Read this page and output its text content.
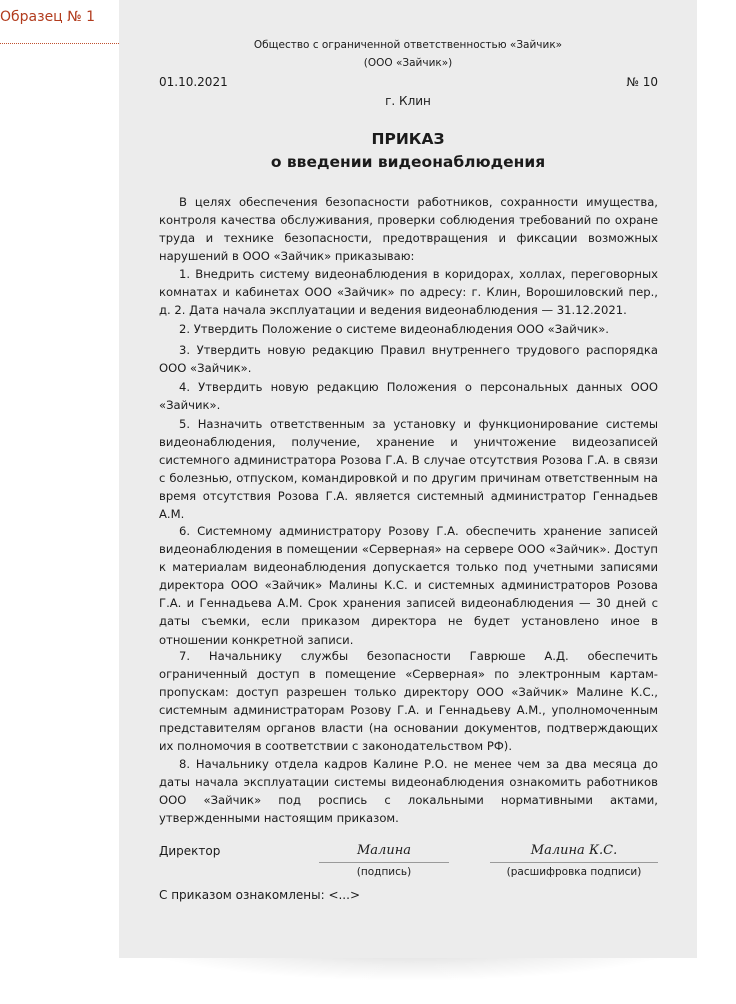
Образец № 1
Общество с ограниченной ответственностью «Зайчик»
(ООО «Зайчик»)
01.10.2021	№ 10
г. Клин
ПРИКАЗ
о введении видеонаблюдения

В целях обеспечения безопасности работников, сохранности имущества, контроля качества обслуживания, проверки соблюдения требований по охране труда и технике безопасности, предотвращения и фиксации возможных нарушений в ООО «Зайчик» приказываю:

1. Внедрить систему видеонаблюдения в коридорах, холлах, переговорных комнатах и кабинетах ООО «Зайчик» по адресу: г. Клин, Ворошиловский пер., д. 2. Дата начала эксплуатации и ведения видеонаблюдения — 31.12.2021.

2. Утвердить Положение о системе видеонаблюдения ООО «Зайчик».

3. Утвердить новую редакцию Правил внутреннего трудового распорядка ООО «Зайчик».

4. Утвердить новую редакцию Положения о персональных данных ООО «Зайчик».

5. Назначить ответственным за установку и функционирование системы видеонаблюдения, получение, хранение и уничтожение видеозаписей системного администратора Розова Г.А. В случае отсутствия Розова Г.А. в связи с болезнью, отпуском, командировкой и по другим причинам ответственным на время отсутствия Розова Г.А. является системный администратор Геннадьев А.М.

6. Системному администратору Розову Г.А. обеспечить хранение записей видеонаблюдения в помещении «Серверная» на сервере ООО «Зайчик». Доступ к материалам видеонаблюдения допускается только под учетными записями директора ООО «Зайчик» Малины К.С. и системных администраторов Розова Г.А. и Геннадьева А.М. Срок хранения записей видеонаблюдения — 30 дней с даты съемки, если приказом директора не будет установлено иное в отношении конкретной записи.

7. Начальнику службы безопасности Гаврюше А.Д. обеспечить ограниченный доступ в помещение «Серверная» по электронным картам-пропускам: доступ разрешен только директору ООО «Зайчик» Малине К.С., системным администраторам Розову Г.А. и Геннадьеву А.М., уполномоченным представителям органов власти (на основании документов, подтверждающих их полномочия в соответствии с законодательством РФ).

8. Начальнику отдела кадров Калине Р.О. не менее чем за два месяца до даты начала эксплуатации системы видеонаблюдения ознакомить работников ООО «Зайчик» под роспись с локальными нормативными актами, утвержденными настоящим приказом.

Директор	Малина
(подпись)
Малина К.С.
(расшифровка подписи)
С приказом ознакомлены: <...>
